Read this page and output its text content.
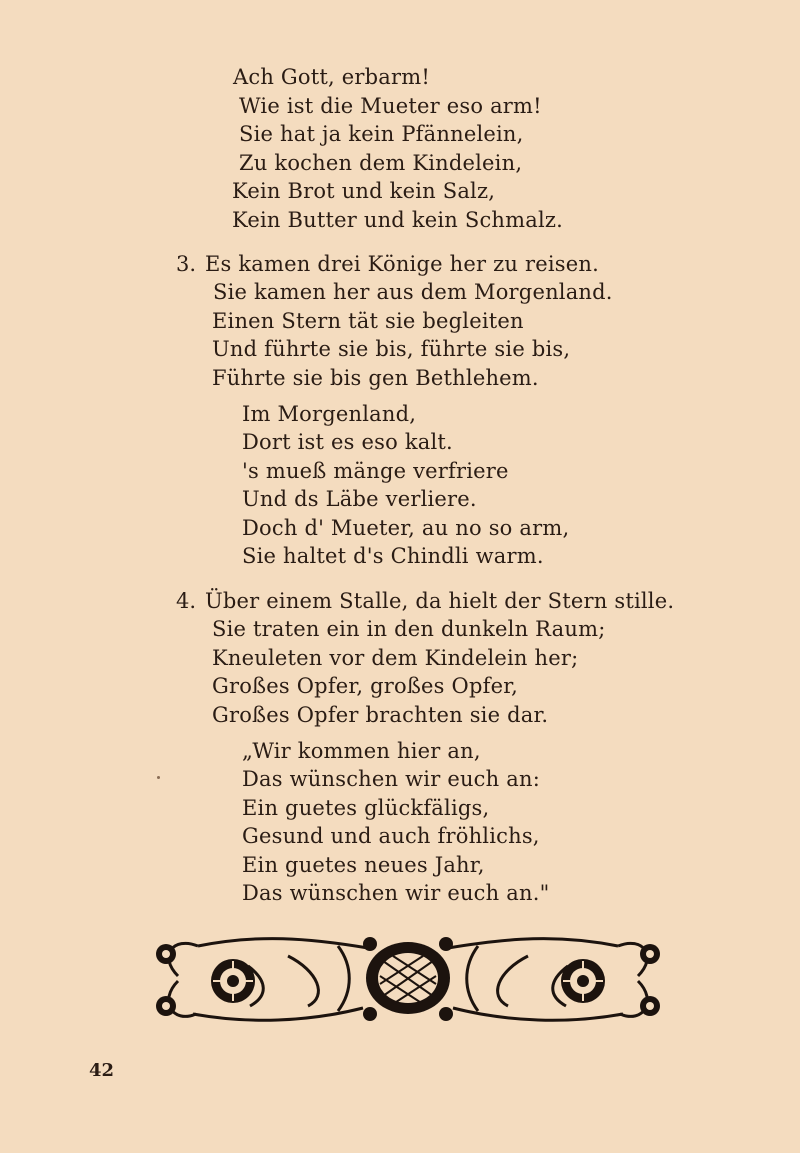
Ach Gott, erbarm!
Wie ist die Mueter eso arm!
Sie hat ja kein Pfännelein,
Zu kochen dem Kindelein,
Kein Brot und kein Salz,
Kein Butter und kein Schmalz.
3. Es kamen drei Könige her zu reisen.
Sie kamen her aus dem Morgenland.
Einen Stern tät sie begleiten
Und führte sie bis, führte sie bis,
Führte sie bis gen Bethlehem.
Im Morgenland,
Dort ist es eso kalt.
's mueß mänge verfriere
Und ds Läbe verliere.
Doch d' Mueter, au no so arm,
Sie haltet d's Chindli warm.
4. Über einem Stalle, da hielt der Stern stille.
Sie traten ein in den dunkeln Raum;
Kneuleten vor dem Kindelein her;
Großes Opfer, großes Opfer,
Großes Opfer brachten sie dar.
„Wir kommen hier an,
Das wünschen wir euch an:
Ein guetes glückfäligs,
Gesund und auch fröhlichs,
Ein guetes neues Jahr,
Das wünschen wir euch an."
42
